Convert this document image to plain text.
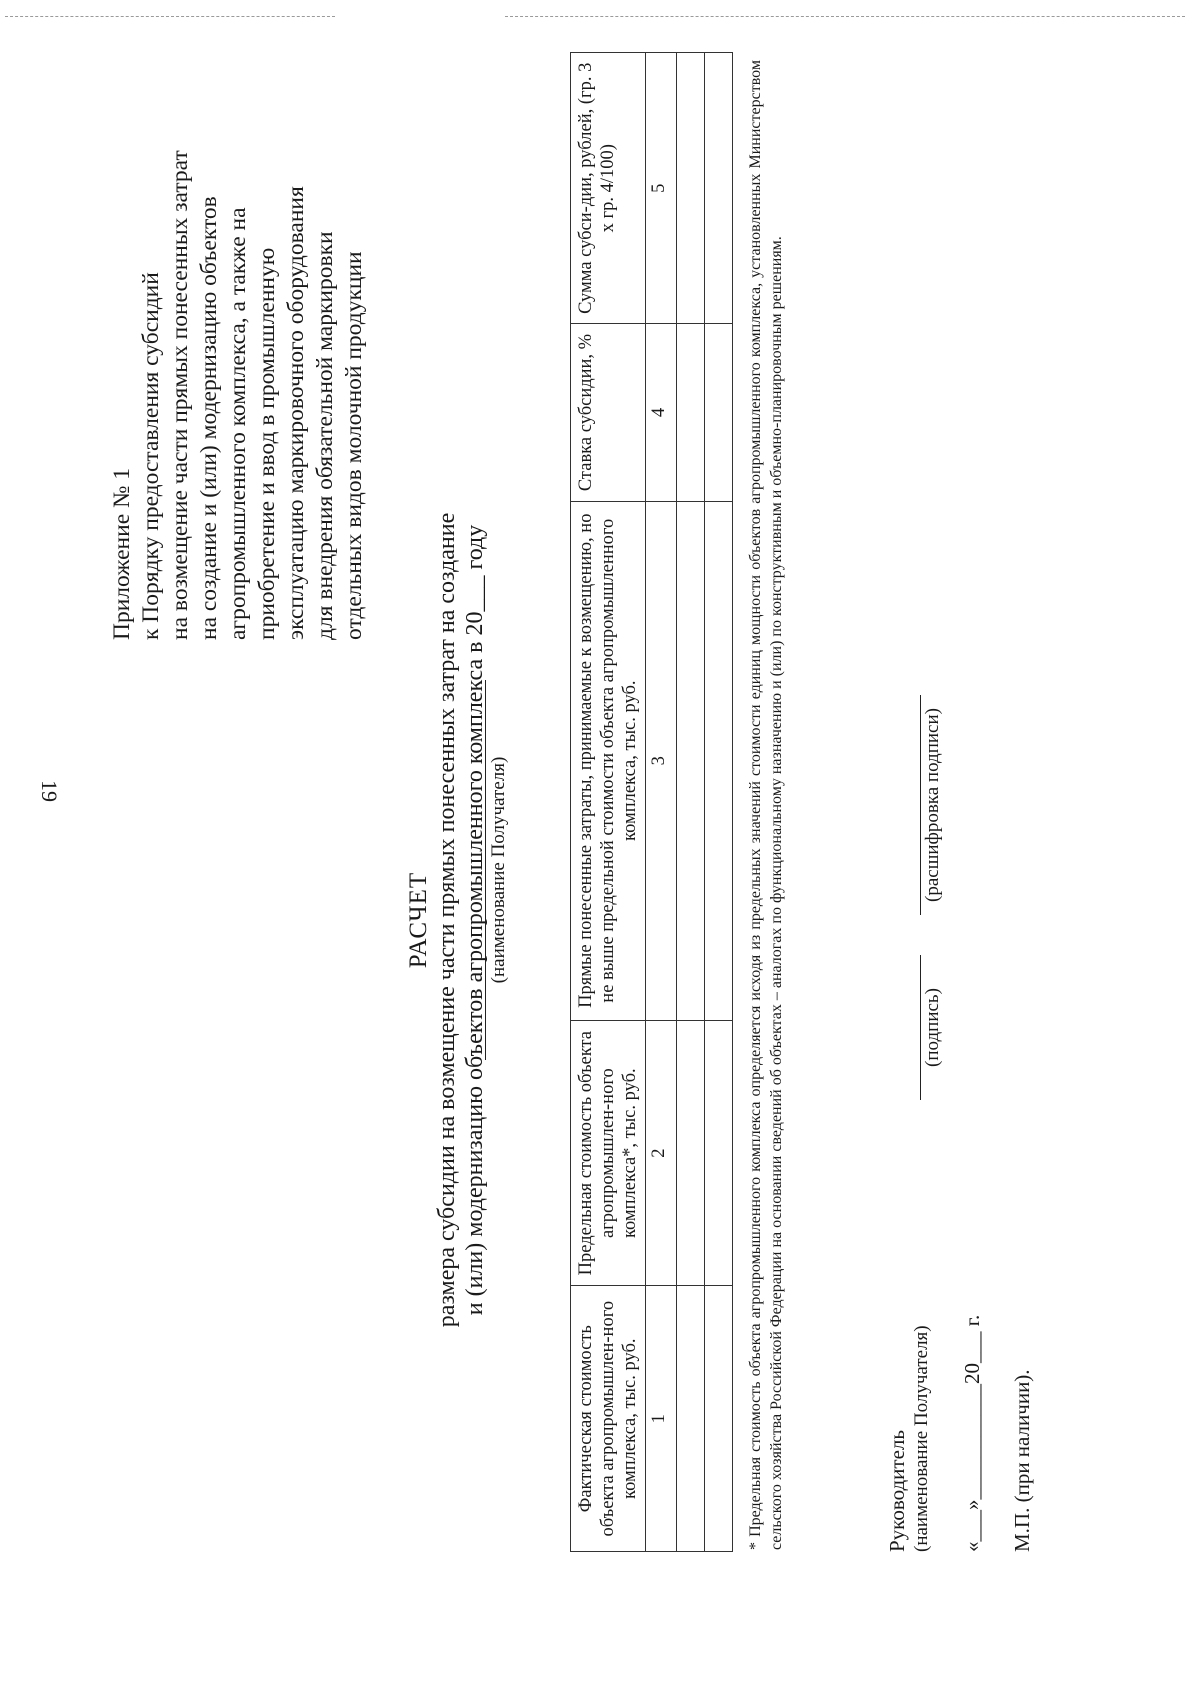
19
Приложение № 1 к Порядку предоставления субсидий на возмещение части прямых понесенных затрат на создание и (или) модернизацию объектов агропромышленного комплекса, а также на приобретение и ввод в промышленную эксплуатацию маркировочного оборудования для внедрения обязательной маркировки отдельных видов молочной продукции
РАСЧЕТ размера субсидии на возмещение части прямых понесенных затрат на создание и (или) модернизацию объектов агропромышленного комплекса в 20___ году (наименование Получателя)
Фактическая стоимость объекта агропромышлен-ного комплекса, тыс. руб.	Предельная стоимость объекта агропромышлен-ного комплекса*, тыс. руб.	Прямые понесенные затраты, принимаемые к возмещению, но не выше предельной стоимости объекта агропромышленного комплекса, тыс. руб.	Ставка субсидии, %	Сумма субси-дии, рублей, (гр. 3 х гр. 4/100)
1	2	3	4	5

					* Предельная стоимость объекта агропромышленного комплекса определяется исходя из предельных значений стоимости единиц мощности объектов агропромышленного комплекса, установленных Министерством сельского хозяйства Российской Федерации на основании сведений об объектах – аналогах по функциональному назначению и (или) по конструктивным и объемно-планировочным решениям.	Руководитель (наименование Получателя)
(подпись)
(расшифровка подписи)
«___»___________20___ г. М.П. (при наличии).
